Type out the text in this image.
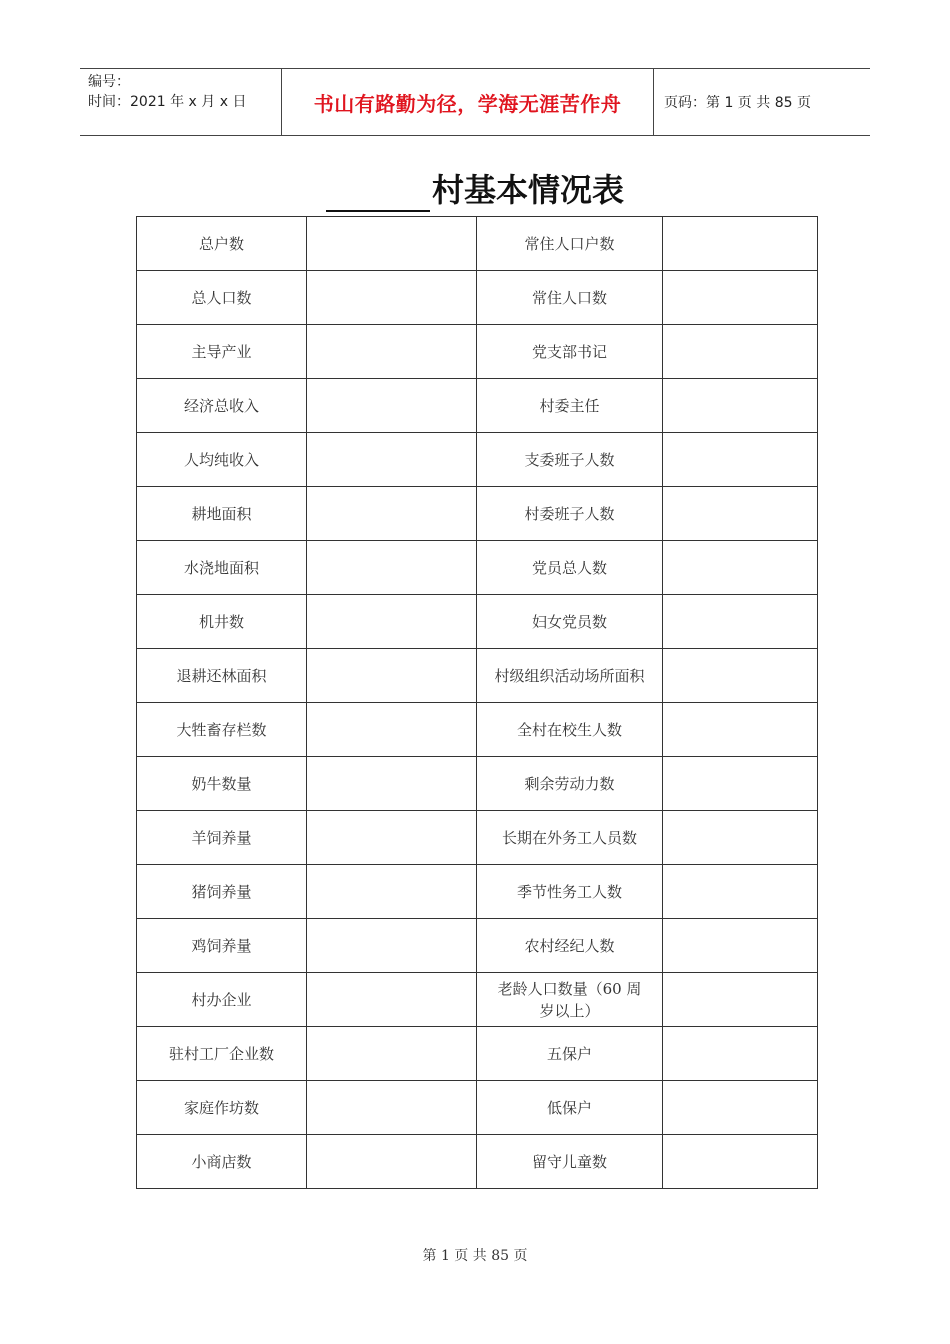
编号：
时间：2021 年 x 月 x 日	书山有路勤为径，学海无涯苦作舟	页码：第 1 页 共 85 页
村基本情况表
总户数		常住人口户数	
总人口数		常住人口数	
主导产业		党支部书记	
经济总收入		村委主任	
人均纯收入		支委班子人数	
耕地面积		村委班子人数	
水浇地面积		党员总人数	
机井数		妇女党员数	
退耕还林面积		村级组织活动场所面积	
大牲畜存栏数		全村在校生人数	
奶牛数量		剩余劳动力数	
羊饲养量		长期在外务工人员数	
猪饲养量		季节性务工人数	
鸡饲养量		农村经纪人数	
村办企业		老龄人口数量（60 周岁以上）	
驻村工厂企业数		五保户	
家庭作坊数		低保户	
小商店数		留守儿童数	
第 1 页 共 85 页
